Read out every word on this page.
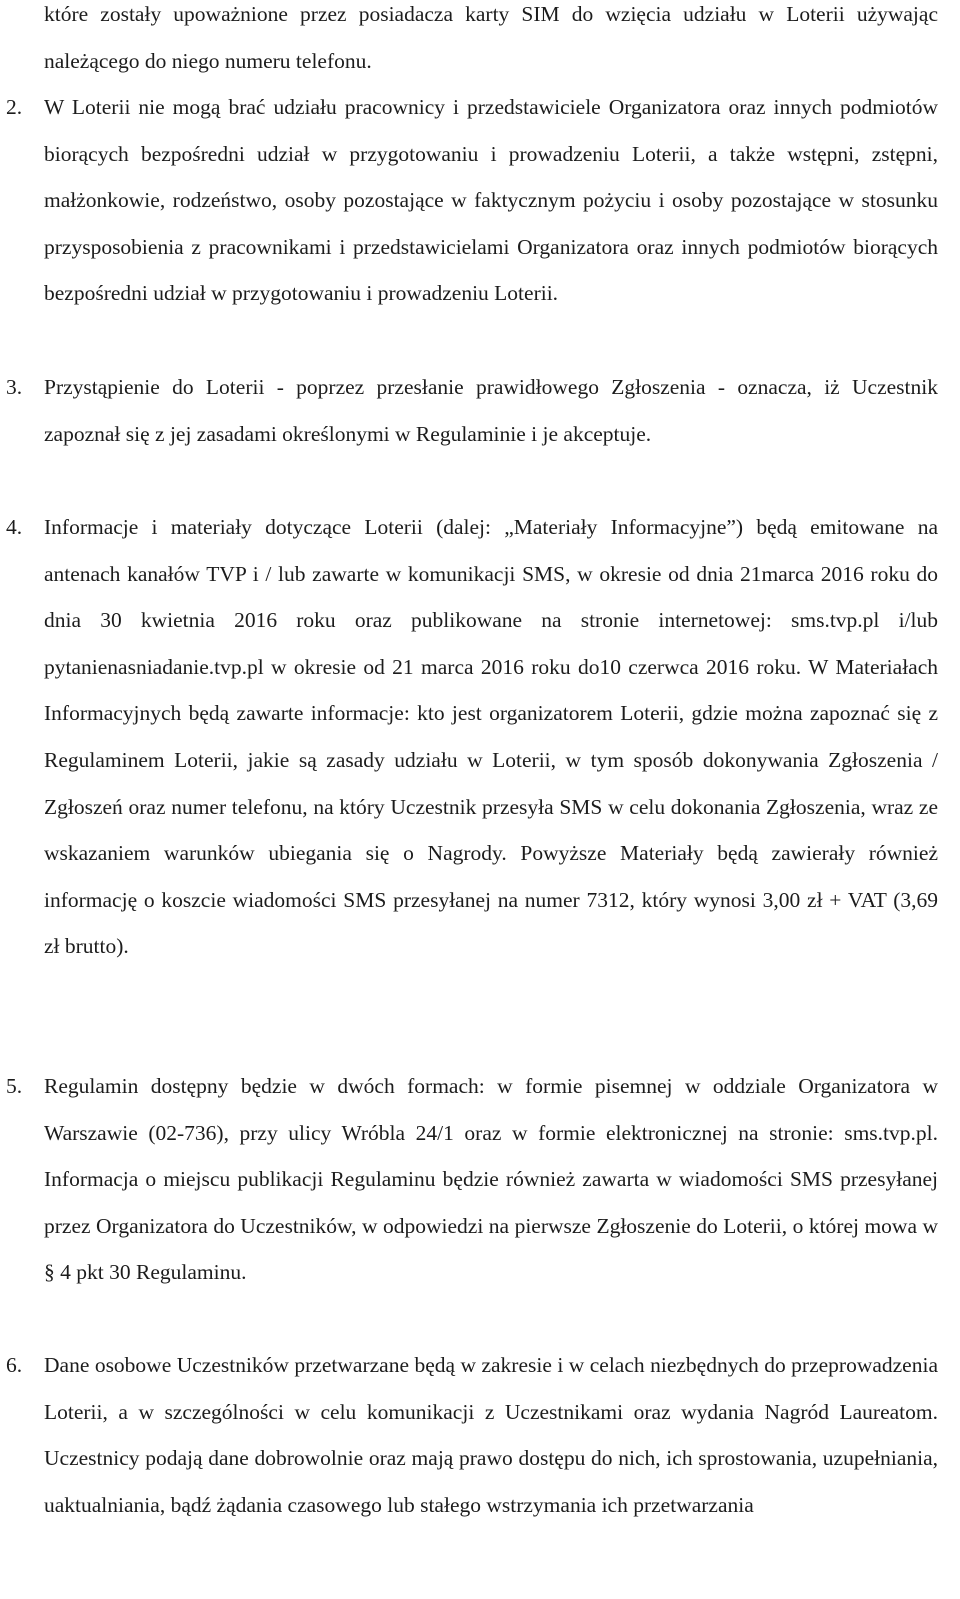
które zostały upoważnione przez posiadacza karty SIM do wzięcia udziału w Loterii używając należącego do niego numeru telefonu.

2.	W Loterii nie mogą brać udziału pracownicy i przedstawiciele Organizatora oraz innych podmiotów biorących bezpośredni udział w przygotowaniu i prowadzeniu Loterii, a także wstępni, zstępni, małżonkowie, rodzeństwo, osoby pozostające w faktycznym pożyciu i osoby pozostające w stosunku przysposobienia z pracownikami i przedstawicielami Organizatora oraz innych podmiotów biorących bezpośredni udział w przygotowaniu i prowadzeniu Loterii.
3.	Przystąpienie do Loterii - poprzez przesłanie prawidłowego Zgłoszenia - oznacza, iż Uczestnik zapoznał się z jej zasadami określonymi w Regulaminie i je akceptuje.
4.	Informacje i materiały dotyczące Loterii (dalej: „Materiały Informacyjne”) będą emitowane na antenach kanałów TVP i / lub zawarte w komunikacji SMS, w okresie od dnia 21marca 2016 roku do dnia 30 kwietnia 2016 roku oraz publikowane na stronie internetowej: sms.tvp.pl i/lub pytanienasniadanie.tvp.pl w okresie od 21 marca 2016 roku do10 czerwca 2016 roku. W Materiałach Informacyjnych będą zawarte informacje: kto jest organizatorem Loterii, gdzie można zapoznać się z Regulaminem Loterii, jakie są zasady udziału w Loterii, w tym sposób dokonywania Zgłoszenia / Zgłoszeń oraz numer telefonu, na który Uczestnik przesyła SMS w celu dokonania Zgłoszenia, wraz ze wskazaniem warunków ubiegania się o Nagrody. Powyższe Materiały będą zawierały również informację o koszcie wiadomości SMS przesyłanej na numer 7312, który wynosi 3,00 zł + VAT (3,69 zł brutto).
5.	Regulamin dostępny będzie w dwóch formach: w formie pisemnej w oddziale Organizatora w Warszawie (02-736), przy ulicy Wróbla 24/1 oraz w formie elektronicznej na stronie: sms.tvp.pl. Informacja o miejscu publikacji Regulaminu będzie również zawarta w wiadomości SMS przesyłanej przez Organizatora do Uczestników, w odpowiedzi na pierwsze Zgłoszenie do Loterii, o której mowa w § 4 pkt 30 Regulaminu.
6.	Dane osobowe Uczestników przetwarzane będą w zakresie i w celach niezbędnych do przeprowadzenia Loterii, a w szczególności w celu komunikacji z Uczestnikami oraz wydania Nagród Laureatom. Uczestnicy podają dane dobrowolnie oraz mają prawo dostępu do nich, ich sprostowania, uzupełniania, uaktualniania, bądź żądania czasowego lub stałego wstrzymania ich przetwarzania
